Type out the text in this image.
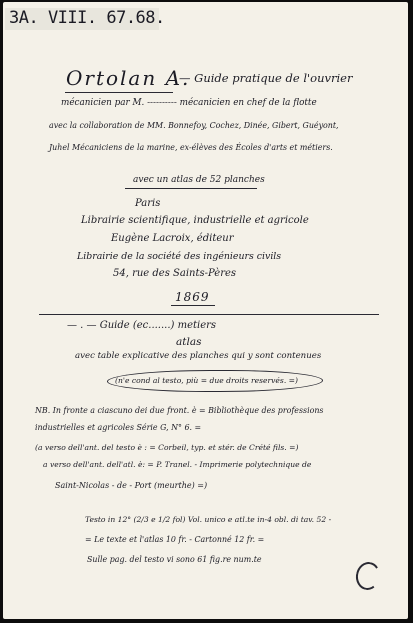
3A. VIII. 67.68.
Ortolan A.
— Guide pratique de l'ouvrier
mécanicien par M. ---------- mécanicien en chef de la flotte
avec la collaboration de MM. Bonnefoy, Cochez, Dinée, Gibert, Guéyont,
Juhel Mécaniciens de la marine, ex-élèves des Écoles d'arts et métiers.
avec un atlas de 52 planches
Paris
Librairie scientifique, industrielle et agricole
Eugène Lacroix, éditeur
Librairie de la société des ingénieurs civils
54, rue des Saints-Pères
1869
— . — Guide (ec.......) metiers
atlas
avec table explicative des planches qui y sont contenues
(n'e cond al testo, più = due droits reservés. =)
NB. In fronte a ciascuno dei due front. è = Bibliothèque des professions
industrielles et agricoles Série G, N° 6. =
(a verso dell'ant. del testo è : = Corbeil, typ. et stér. de Crété fils. =)
a verso dell'ant. dell'atl. è: = P. Tranel. - Imprimerie polytechnique de
Saint-Nicolas - de - Port (meurthe) =)
Testo in 12° (2/3 e 1/2 fol) Vol. unico e atl.te in-4 obl. di tav. 52 -
= Le texte et l'atlas 10 fr. - Cartonné 12 fr. =
Sulle pag. del testo vi sono 61 fig.re num.te
